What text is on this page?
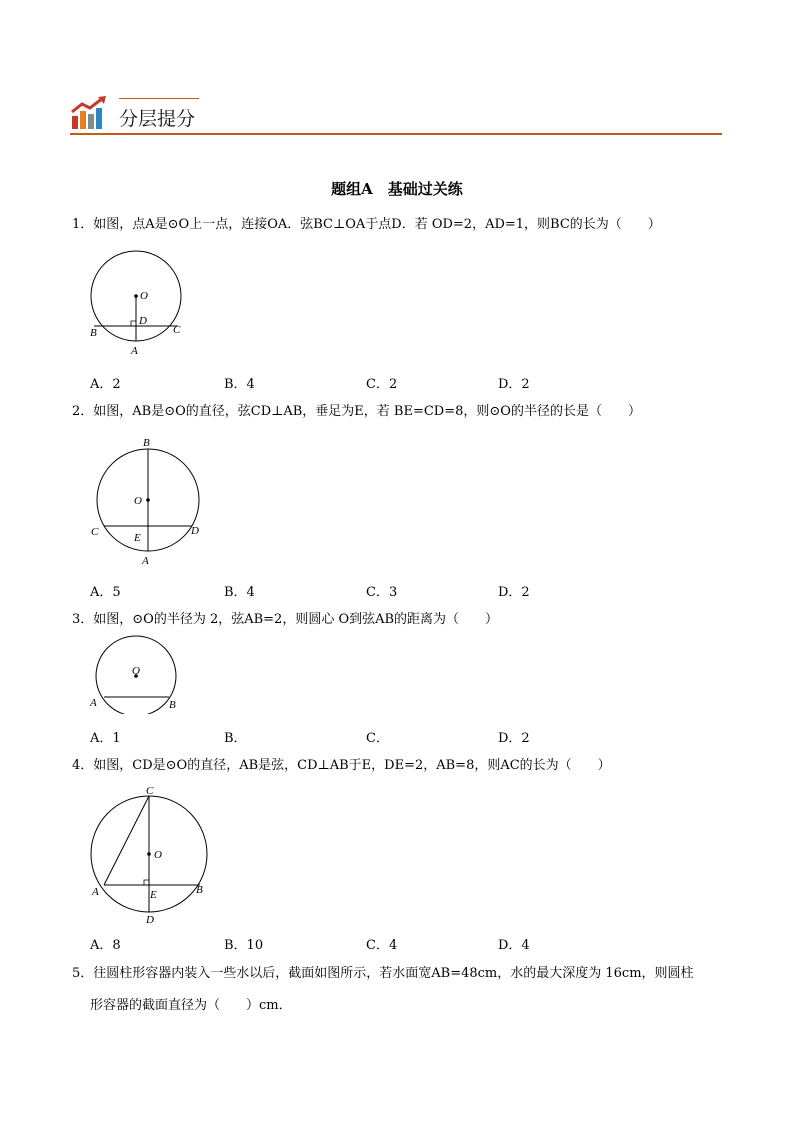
分层提分
题组A　基础过关练
1．如图，点A是⊙O上一点，连接OA．弦BC⊥OA于点D．若 OD=2，AD=1，则BC的长为（　　）
O
D
B	C
A
A．2	B．4	C．2	D．2
2．如图，AB是⊙O的直径，弦CD⊥AB，垂足为E，若 BE=CD=8，则⊙O的半径的长是（　　）
B
O
C	D
E
A
A．5	B．4	C．3	D．2
3．如图，⊙O的半径为 2，弦AB=2，则圆心 O到弦AB的距离为（　　）
O
A	B
A．1	B．	C．	D．2
4．如图，CD是⊙O的直径，AB是弦，CD⊥AB于E，DE=2，AB=8，则AC的长为（　　）
C
O
A	B
E
D
A．8	B．10	C．4	D．4
5．往圆柱形容器内装入一些水以后，截面如图所示，若水面宽AB=48cm，水的最大深度为 16cm，则圆柱
形容器的截面直径为（　　）cm．
